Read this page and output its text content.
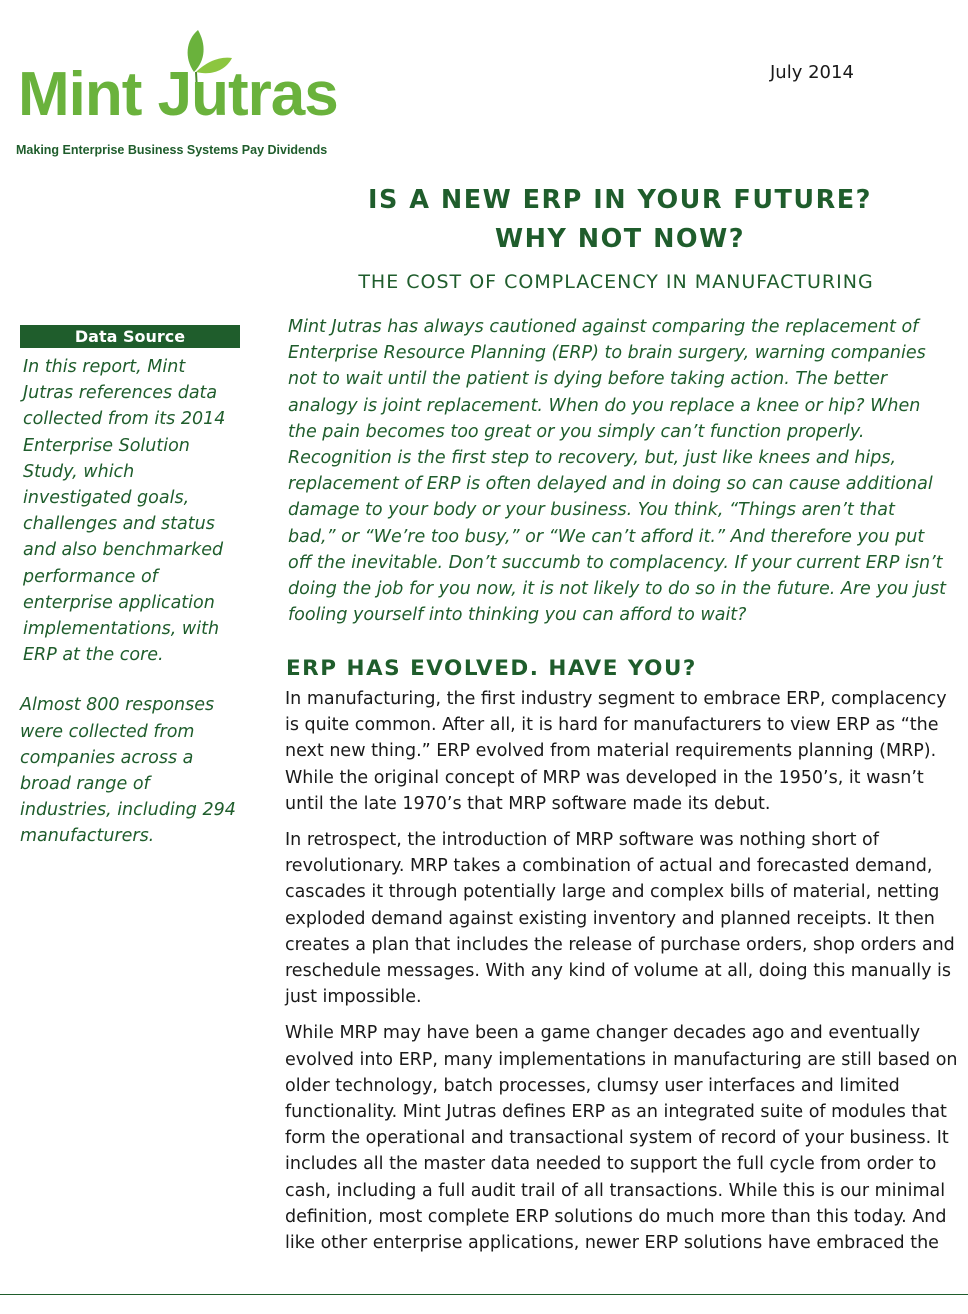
Mint Jutras
Making Enterprise Business Systems Pay Dividends
July 2014
IS A NEW ERP IN YOUR FUTURE?
WHY NOT NOW?
THE COST OF COMPLACENCY IN MANUFACTURING
Data Source

In this report, Mint Jutras references data collected from its 2014 Enterprise Solution Study, which investigated goals, challenges and status and also benchmarked performance of enterprise application implementations, with ERP at the core.

Almost 800 responses were collected from companies across a broad range of industries, including 294 manufacturers.

Mint Jutras has always cautioned against comparing the replacement of Enterprise Resource Planning (ERP) to brain surgery, warning companies not to wait until the patient is dying before taking action. The better analogy is joint replacement. When do you replace a knee or hip? When the pain becomes too great or you simply can’t function properly. Recognition is the first step to recovery, but, just like knees and hips, replacement of ERP is often delayed and in doing so can cause additional damage to your body or your business. You think, “Things aren’t that bad,” or “We’re too busy,” or “We can’t afford it.” And therefore you put off the inevitable. Don’t succumb to complacency. If your current ERP isn’t doing the job for you now, it is not likely to do so in the future. Are you just fooling yourself into thinking you can afford to wait?

ERP HAS EVOLVED. HAVE YOU?

In manufacturing, the first industry segment to embrace ERP, complacency is quite common. After all, it is hard for manufacturers to view ERP as “the next new thing.” ERP evolved from material requirements planning (MRP). While the original concept of MRP was developed in the 1950’s, it wasn’t until the late 1970’s that MRP software made its debut.

In retrospect, the introduction of MRP software was nothing short of revolutionary. MRP takes a combination of actual and forecasted demand, cascades it through potentially large and complex bills of material, netting exploded demand against existing inventory and planned receipts. It then creates a plan that includes the release of purchase orders, shop orders and reschedule messages. With any kind of volume at all, doing this manually is just impossible.

While MRP may have been a game changer decades ago and eventually evolved into ERP, many implementations in manufacturing are still based on older technology, batch processes, clumsy user interfaces and limited functionality. Mint Jutras defines ERP as an integrated suite of modules that form the operational and transactional system of record of your business. It includes all the master data needed to support the full cycle from order to cash, including a full audit trail of all transactions. While this is our minimal definition, most complete ERP solutions do much more than this today. And like other enterprise applications, newer ERP solutions have embraced the
